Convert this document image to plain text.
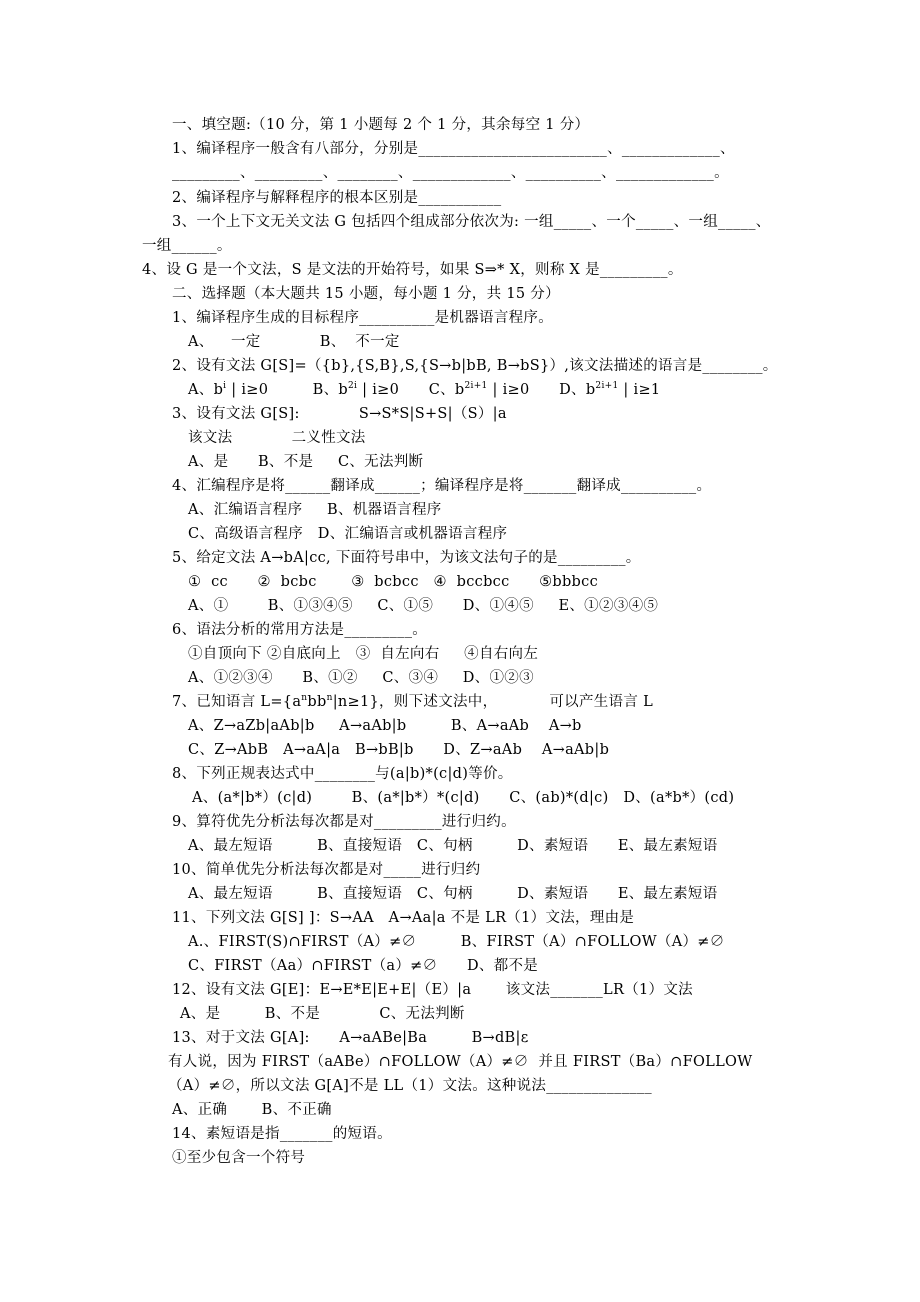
一、填空题:（10 分，第 1 小题每 2 个 1 分，其余每空 1 分）
1、编译程序一般含有八部分，分别是_________________________、_____________、
_________、_________、________、_____________、__________、_____________。
2、编译程序与解释程序的根本区别是___________
3、一个上下文无关文法 G 包括四个组成部分依次为: 一组_____、一个_____、一组_____、
一组______。
4、设 G 是一个文法，S 是文法的开始符号，如果 S⇒* X，则称 X 是_________。
二、选择题（本大题共 15 小题，每小题 1 分，共 15 分）
1、编译程序生成的目标程序__________是机器语言程序。
A、　  一定　　　　B、  不一定
2、设有文法 G[S]=（{b},{S,B},S,{S→b|bB, B→bS}）,该文法描述的语言是________。
A、$b^i$ | i≥0　　　B、$b^{2i}$ | i≥0　　C、$b^{2i+1}$ | i≥0　　D、$b^{2i+1}$ | i≥1
3、设有文法 G[S]:　　　　S→S*S|S+S|（S）|a
该文法　　　　二义性文法
A、是　　B、不是　  C、无法判断
4、汇编程序是将______翻译成______；编译程序是将_______翻译成__________。
A、汇编语言程序　  B、机器语言程序
C、高级语言程序　D、汇编语言或机器语言程序
5、给定文法 A→bA|cc, 下面符号串中，为该文法句子的是_________。
①  cc　　②  bcbc　　 ③  bcbcc　④  bccbcc　　⑤bbbcc
A、①　　  B、①③④⑤　  C、①⑤　　D、①④⑤　  E、①②③④⑤
6、语法分析的常用方法是_________。
①自顶向下 ②自底向上　③  自左向右　  ④自右向左
A、①②③④　　B、①②　  C、③④　  D、①②③
7、已知语言 $L=\{a^nbb^n|n\ge 1\}$，则下述文法中，　　　　可以产生语言 L
A、Z→aZb|aAb|b　  A→aAb|b　　　B、A→aAb　 A→b
C、Z→AbB　A→aA|a　B→bB|b　　D、Z→aAb　 A→aAb|b
8、下列正规表达式中________与(a|b)*(c|d)等价。
A、(a*|b*）(c|d)　　  B、(a*|b*）*(c|d)　　C、(ab)*(d|c)　D、(a*b*）(cd)
9、算符优先分析法每次都是对_________进行归约。
A、最左短语　　　B、直接短语　C、句柄　　　D、素短语　　E、最左素短语
10、简单优先分析法每次都是对_____进行归约
A、最左短语　　　B、直接短语　C、句柄　　　D、素短语　　E、最左素短语
11、下列文法 G[S] ]：S→AA　A→Aa|a 不是 LR（1）文法，理由是
A.、FIRST(S)∩FIRST（A）≠∅　　　B、FIRST（A）∩FOLLOW（A）≠∅
C、FIRST（Aa）∩FIRST（a）≠∅　　D、都不是
12、设有文法 G[E]：E→E*E|E+E|（E）|a　　 该文法_______LR（1）文法
A、是　　　B、不是　　　　C、无法判断
13、对于文法 G[A]:　　A→aABe|Ba　　　B→dB|ε
有人说，因为 FIRST（aABe）∩FOLLOW（A）≠∅  并且 FIRST（Ba）∩FOLLOW
（A）≠∅，所以文法 G[A]不是 LL（1）文法。这种说法______________
A、正确　　 B、不正确
14、素短语是指_______的短语。
①至少包含一个符号
